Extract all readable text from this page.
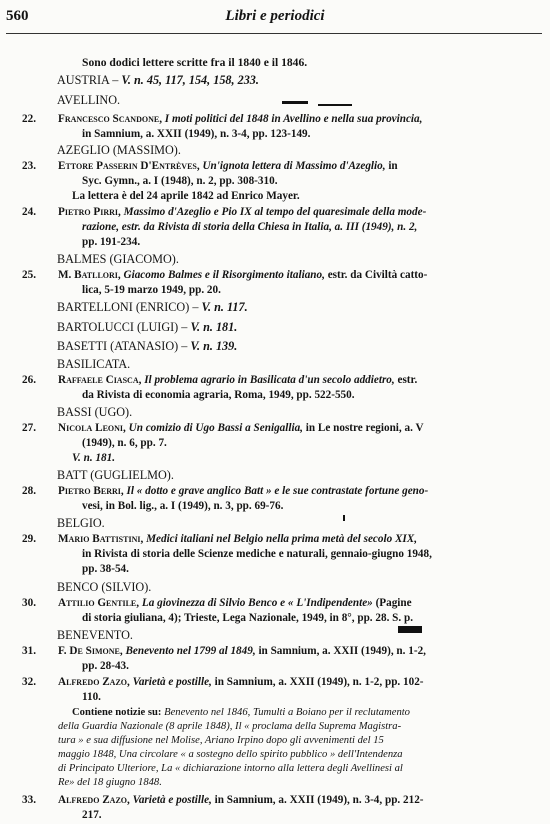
560	Libri e periodici
Sono dodici lettere scritte fra il 1840 e il 1846.
AUSTRIA – V. n. 45, 117, 154, 158, 233.
AVELLINO.
22. Francesco Scandone, I moti politici del 1848 in Avellino e nella sua provincia,
in Samnium, a. XXII (1949), n. 3-4, pp. 123-149.
AZEGLIO (MASSIMO).
23. Ettore Passerin D'Entrèves, Un'ignota lettera di Massimo d'Azeglio, in
Syc. Gymn., a. I (1948), n. 2, pp. 308-310.
La lettera è del 24 aprile 1842 ad Enrico Mayer.
24. Pietro Pirri, Massimo d'Azeglio e Pio IX al tempo del quaresimale della mode-
razione, estr. da Rivista di storia della Chiesa in Italia, a. III (1949), n. 2,
pp. 191-234.
BALMES (GIACOMO).
25. M. Batllori, Giacomo Balmes e il Risorgimento italiano, estr. da Civiltà catto-
lica, 5-19 marzo 1949, pp. 20.
BARTELLONI (ENRICO) – V. n. 117.
BARTOLUCCI (LUIGI) – V. n. 181.
BASETTI (ATANASIO) – V. n. 139.
BASILICATA.
26. Raffaele Ciasca, Il problema agrario in Basilicata d'un secolo addietro, estr.
da Rivista di economia agraria, Roma, 1949, pp. 522-550.
BASSI (UGO).
27. Nicola Leoni, Un comizio di Ugo Bassi a Senigallia, in Le nostre regioni, a. V
(1949), n. 6, pp. 7.
V. n. 181.
BATT (GUGLIELMO).
28. Pietro Berri, Il « dotto e grave anglico Batt » e le sue contrastate fortune geno-
vesi, in Bol. lig., a. I (1949), n. 3, pp. 69-76.
BELGIO.
29. Mario Battistini, Medici italiani nel Belgio nella prima metà del secolo XIX,
in Rivista di storia delle Scienze mediche e naturali, gennaio-giugno 1948,
pp. 38-54.
BENCO (SILVIO).
30. Attilio Gentile, La giovinezza di Silvio Benco e « L'Indipendente» (Pagine
di storia giuliana, 4); Trieste, Lega Nazionale, 1949, in 8°, pp. 28. S. p.
BENEVENTO.
31. F. De Simone, Benevento nel 1799 al 1849, in Samnium, a. XXII (1949), n. 1-2,
pp. 28-43.
32. Alfredo Zazo, Varietà e postille, in Samnium, a. XXII (1949), n. 1-2, pp. 102-
110.
Contiene notizie su: Benevento nel 1846, Tumulti a Boiano per il reclutamento
della Guardia Nazionale (8 aprile 1848), Il « proclama della Suprema Magistra-
tura » e sua diffusione nel Molise, Ariano Irpino dopo gli avvenimenti del 15
maggio 1848, Una circolare « a sostegno dello spirito pubblico » dell'Intendenza
di Principato Ulteriore, La « dichiarazione intorno alla lettera degli Avellinesi al
Re» del 18 giugno 1848.
33. Alfredo Zazo, Varietà e postille, in Samnium, a. XXII (1949), n. 3-4, pp. 212-
217.
